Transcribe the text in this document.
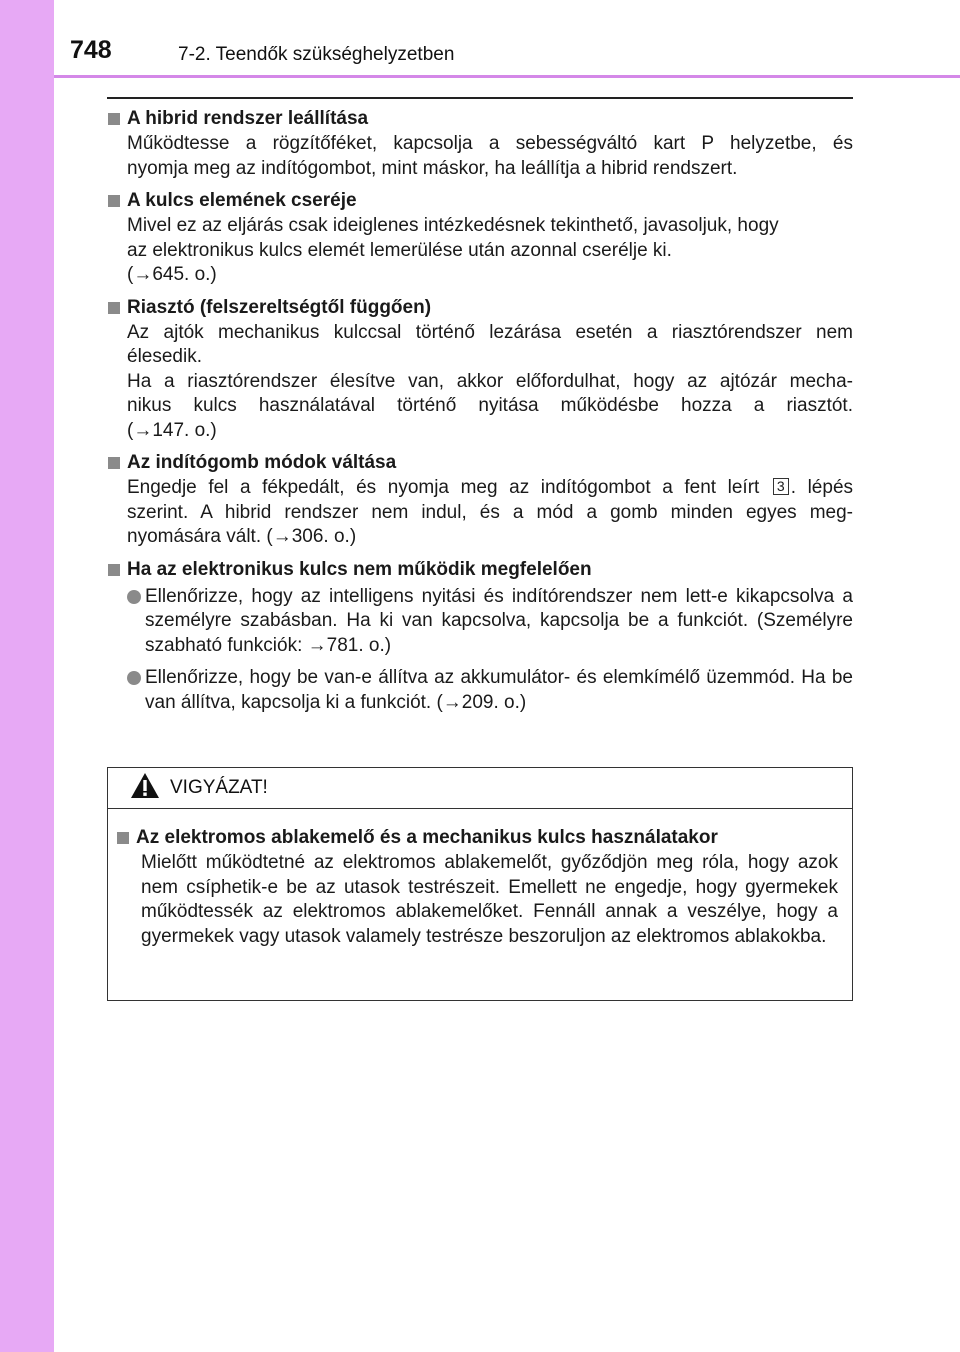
748	7-2. Teendők szükséghelyzetben
A hibrid rendszer leállítása
Működtesse a rögzítőféket, kapcsolja a sebességváltó kart P helyzetbe, és
nyomja meg az indítógombot, mint máskor, ha leállítja a hibrid rendszert.
A kulcs elemének cseréje
Mivel ez az eljárás csak ideiglenes intézkedésnek tekinthető, javasoljuk, hogy
az elektronikus kulcs elemét lemerülése után azonnal cserélje ki.
(→645. o.)
Riasztó (felszereltségtől függően)
Az ajtók mechanikus kulccsal történő lezárása esetén a riasztórendszer nem
élesedik.
Ha a riasztórendszer élesítve van, akkor előfordulhat, hogy az ajtózár mecha-
nikus kulcs használatával történő nyitása működésbe hozza a riasztót.
(→147. o.)
Az indítógomb módok váltása
Engedje fel a fékpedált, és nyomja meg az indítógombot a fent leírt 3 . lépés
szerint. A hibrid rendszer nem indul, és a mód a gomb minden egyes meg-
nyomására vált. (→306. o.)
Ha az elektronikus kulcs nem működik megfelelően
Ellenőrizze, hogy az intelligens nyitási és indítórendszer nem lett-e kikapcsolva a személyre szabásban. Ha ki van kapcsolva, kapcsolja be a funkciót. (Személyre szabható funkciók: →781. o.)
Ellenőrizze, hogy be van-e állítva az akkumulátor- és elemkímélő üzemmód. Ha be van állítva, kapcsolja ki a funkciót. (→209. o.)
VIGYÁZAT!
Az elektromos ablakemelő és a mechanikus kulcs használatakor
Mielőtt működtetné az elektromos ablakemelőt, győződjön meg róla, hogy azok nem csíphetik-e be az utasok testrészeit. Emellett ne engedje, hogy gyermekek működtessék az elektromos ablakemelőket. Fennáll annak a veszélye, hogy a gyermekek vagy utasok valamely testrésze beszoruljon az elektromos ablakokba.
